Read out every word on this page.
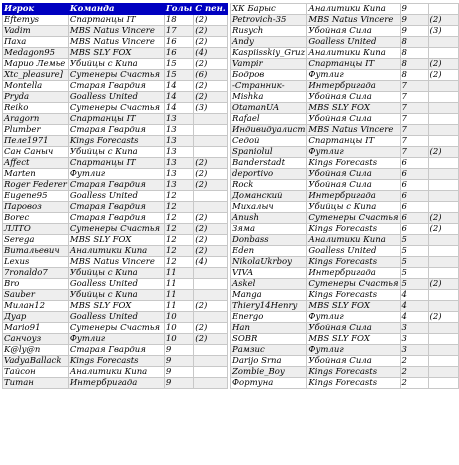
Игрок	Команда	Голы	С пен.
Eftemys	Спартанцы IT	18	(2)
Vadim	MBS Natus Vincere	17	(2)
Паха	MBS Natus Vincere	16	(2)
Medagon95	MBS SLY FOX	16	(4)
Марио Лемье	Убийцы с Кипа	15	(2)
Xtc_pleasure]	Сутенеры Счастья	15	(6)
Montella	Старая Гвардия	14	(2)
Pryda	Goalless United	14	(2)
Reiko	Сутенеры Счастья	14	(3)
Aragorn	Спартанцы IT	13	
Plumber	Старая Гвардия	13	
Пеле1971	Kings Forecasts	13	
Сан Саныч	Убийцы с Кипа	13	
Affect	Спартанцы IT	13	(2)
Marten	Футлиг	13	(2)
Roger Federer	Старая Гвардия	13	(2)
Eugene95	Goalless United	12	
Паровоз	Старая Гвардия	12	
Borec	Старая Гвардия	12	(2)
ЛЛТО	Сутенеры Счастья	12	(2)
Serega	MBS SLY FOX	12	(2)
Витальевич	Аналитики Кипа	12	(2)
Lexus	MBS Natus Vincere	12	(4)
7ronaldo7	Убийцы с Кипа	11	
Bro	Goalless United	11	
Sauber	Убийцы с Кипа	11	
Милан12	MBS SLY FOX	11	(2)
Дуар	Goalless United	10	
Mario91	Сутенеры Счастья	10	(2)
Санчоуз	Футлиг	10	(2)
K@ly@n	Старая Гвардия	9	
VadyaBallack	Kings Forecasts	9	
Тайсон	Аналитики Кипа	9	
Титан	Интербригада	9	
ХК Барыс	Аналитики Кипа	9	
Petrovich-35	MBS Natus Vincere	9	(2)
Rusych	Убойная Сила	9	(3)
Andy	Goalless United	8	
Kaspiisskiy_Gruz	Аналитики Кипа	8	
Vampir	Спартанцы IT	8	(2)
Бодров	Футлиг	8	(2)
-Странник-	Интербригада	7	
Mishka	Убойная Сила	7	
OtamanUA	MBS SLY FOX	7	
Rafael	Убойная Сила	7	
Индивидуалист	MBS Natus Vincere	7	
Седой	Спартанцы IT	7	
Spaniolul	Футлиг	7	(2)
Banderstadt	Kings Forecasts	6	
deportivo	Убойная Сила	6	
Rock	Убойная Сила	6	
Доманский	Интербригада	6	
Михалыч	Убийцы с Кипа	6	
Anush	Сутенеры Счастья	6	(2)
Зяма	Kings Forecasts	6	(2)
Donbass	Аналитики Кипа	5	
Eden	Goalless United	5	
NikolaUkrboy	Kings Forecasts	5	
VIVA	Интербригада	5	
Askel	Сутенеры Счастья	5	(2)
Manga	Kings Forecasts	4	
Thiery14Henry	MBS SLY FOX	4	
Energo	Футлиг	4	(2)
Han	Убойная Сила	3	
SOBR	MBS SLY FOX	3	
Рамзис	Футлиг	3	
Darijo Srna	Убойная Сила	2	
Zombie_Boy	Kings Forecasts	2	
Фортуна	Kings Forecasts	2	
